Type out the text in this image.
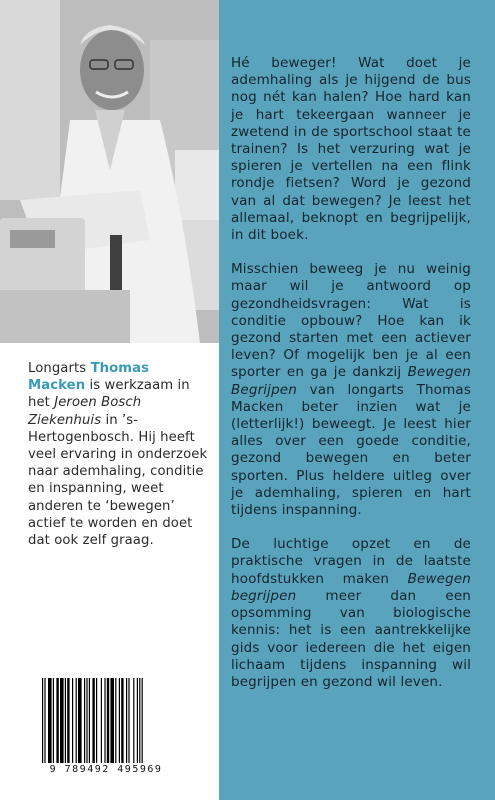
Longarts Thomas Macken is werkzaam in het Jeroen Bosch Ziekenhuis in ’s-Hertogenbosch. Hij heeft veel ervaring in onderzoek naar ademhaling, conditie en inspanning, weet anderen te ‘bewegen’ actief te worden en doet dat ook zelf graag.
9 789492 495969

Hé beweger! Wat doet je ademhaling als je hijgend de bus nog nét kan halen? Hoe hard kan je hart tekeergaan wanneer je zwetend in de sportschool staat te trainen? Is het verzuring wat je spieren je vertellen na een flink rondje fietsen? Word je gezond van al dat bewegen? Je leest het allemaal, beknopt en begrijpelijk, in dit boek.

Misschien beweeg je nu weinig maar wil je antwoord op gezondheidsvragen: Wat is conditie opbouw? Hoe kan ik gezond starten met een actiever leven? Of mogelijk ben je al een sporter en ga je dankzij Bewegen Begrijpen van longarts Thomas Macken beter inzien wat je (letterlijk!) beweegt. Je leest hier alles over een goede conditie, gezond bewegen en beter sporten. Plus heldere uitleg over je ademhaling, spieren en hart tijdens inspanning.

De luchtige opzet en de praktische vragen in de laatste hoofdstukken maken Bewegen begrijpen meer dan een opsomming van biologische kennis: het is een aantrekkelijke gids voor iedereen die het eigen lichaam tijdens inspanning wil begrijpen en gezond wil leven.
